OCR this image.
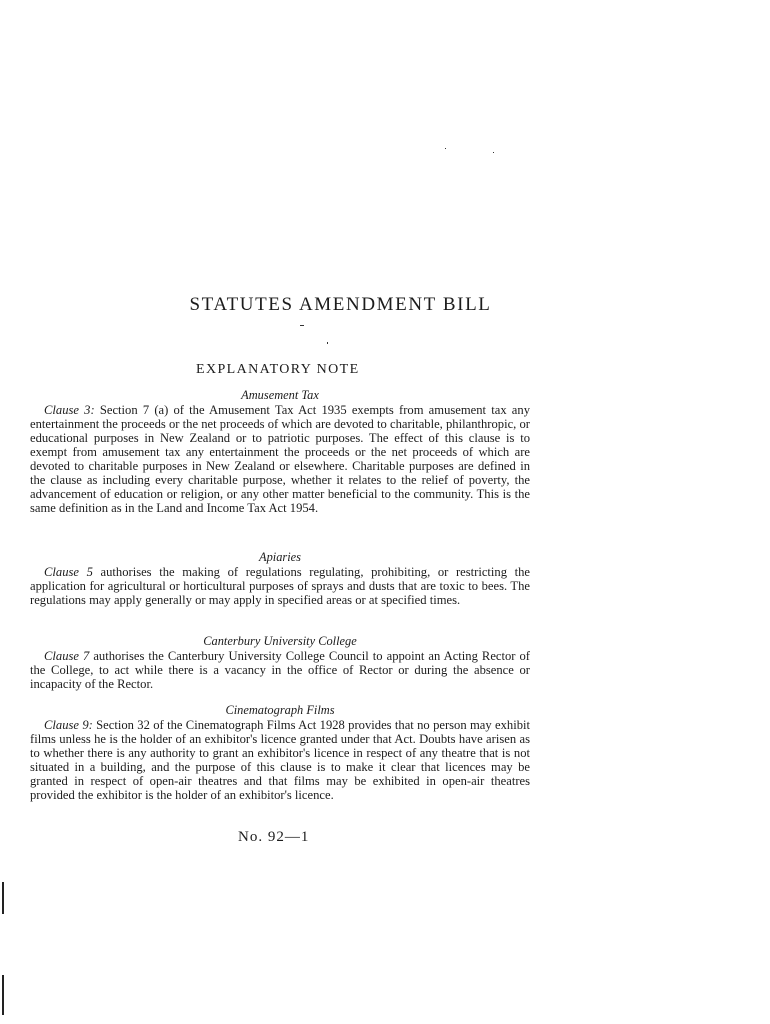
STATUTES AMENDMENT BILL
EXPLANATORY NOTE

Amusement Tax

Clause 3: Section 7 (a) of the Amusement Tax Act 1935 exempts from amusement tax any entertainment the proceeds or the net proceeds of which are devoted to charitable, philanthropic, or educational purposes in New Zealand or to patriotic purposes. The effect of this clause is to exempt from amusement tax any entertainment the proceeds or the net proceeds of which are devoted to charitable purposes in New Zealand or elsewhere. Charitable purposes are defined in the clause as including every charitable purpose, whether it relates to the relief of poverty, the advancement of education or religion, or any other matter beneficial to the community. This is the same definition as in the Land and Income Tax Act 1954.

Apiaries

Clause 5 authorises the making of regulations regulating, prohibiting, or restricting the application for agricultural or horticultural purposes of sprays and dusts that are toxic to bees. The regulations may apply generally or may apply in specified areas or at specified times.

Canterbury University College

Clause 7 authorises the Canterbury University College Council to appoint an Acting Rector of the College, to act while there is a vacancy in the office of Rector or during the absence or incapacity of the Rector.

Cinematograph Films

Clause 9: Section 32 of the Cinematograph Films Act 1928 provides that no person may exhibit films unless he is the holder of an exhibitor's licence granted under that Act. Doubts have arisen as to whether there is any authority to grant an exhibitor's licence in respect of any theatre that is not situated in a building, and the purpose of this clause is to make it clear that licences may be granted in respect of open-air theatres and that films may be exhibited in open-air theatres provided the exhibitor is the holder of an exhibitor's licence.

No. 92—1
